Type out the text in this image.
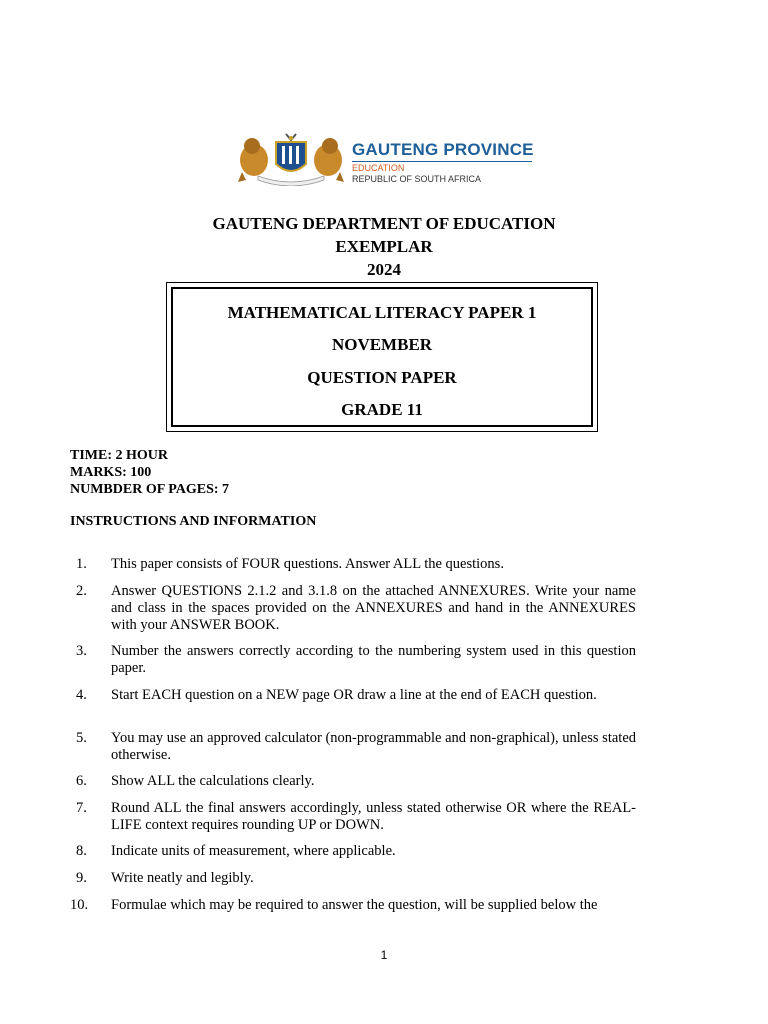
GAUTENG PROVINCE
EDUCATION
REPUBLIC OF SOUTH AFRICA
GAUTENG DEPARTMENT OF EDUCATION
EXEMPLAR
2024
MATHEMATICAL LITERACY PAPER 1
NOVEMBER
QUESTION PAPER
GRADE 11
TIME: 2 HOUR
MARKS: 100
NUMBDER OF PAGES: 7
INSTRUCTIONS AND INFORMATION
1. This paper consists of FOUR questions. Answer ALL the questions.
2. Answer QUESTIONS 2.1.2 and 3.1.8 on the attached ANNEXURES. Write your name and class in the spaces provided on the ANNEXURES and hand in the ANNEXURES with your ANSWER BOOK.
3. Number the answers correctly according to the numbering system used in this question paper.
4. Start EACH question on a NEW page OR draw a line at the end of EACH question.
5. You may use an approved calculator (non-programmable and non-graphical), unless stated otherwise.
6. Show ALL the calculations clearly.
7. Round ALL the final answers accordingly, unless stated otherwise OR where the REAL-LIFE context requires rounding UP or DOWN.
8. Indicate units of measurement, where applicable.
9. Write neatly and legibly.
10. Formulae which may be required to answer the question, will be supplied below the
1
